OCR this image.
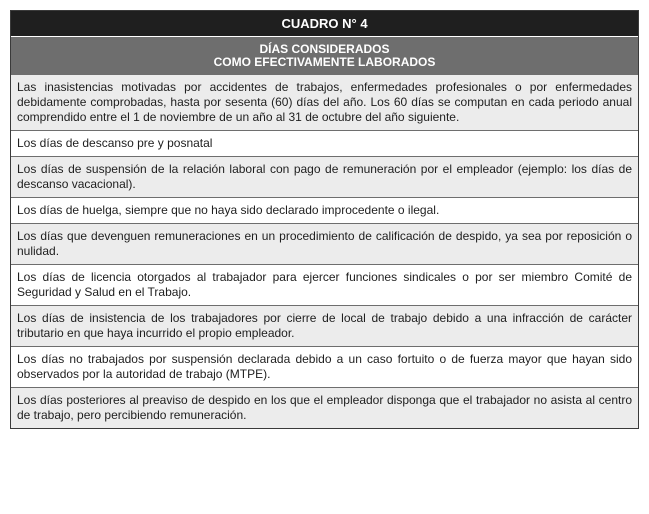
CUADRO N° 4
DÍAS CONSIDERADOS
COMO EFECTIVAMENTE LABORADOS
Las inasistencias motivadas por accidentes de trabajos, enfermedades profesionales o por enfermedades debidamente comprobadas, hasta por sesenta (60) días del año. Los 60 días se computan en cada periodo anual comprendido entre el 1 de noviembre de un año al 31 de octubre del año siguiente.
Los días de descanso pre y posnatal
Los días de suspensión de la relación laboral con pago de remuneración por el empleador (ejemplo: los días de descanso vacacional).
Los días de huelga, siempre que no haya sido declarado improcedente o ilegal.
Los días que devenguen remuneraciones en un procedimiento de calificación de despido, ya sea por reposición o nulidad.
Los días de licencia otorgados al trabajador para ejercer funciones sindicales o por ser miembro Comité de Seguridad y Salud en el Trabajo.
Los días de insistencia de los trabajadores por cierre de local de trabajo debido a una infracción de carácter tributario en que haya incurrido el propio empleador.
Los días no trabajados por suspensión declarada debido a un caso fortuito o de fuerza mayor que hayan sido observados por la autoridad de trabajo (MTPE).
Los días posteriores al preaviso de despido en los que el empleador disponga que el trabajador no asista al centro de trabajo, pero percibiendo remuneración.
